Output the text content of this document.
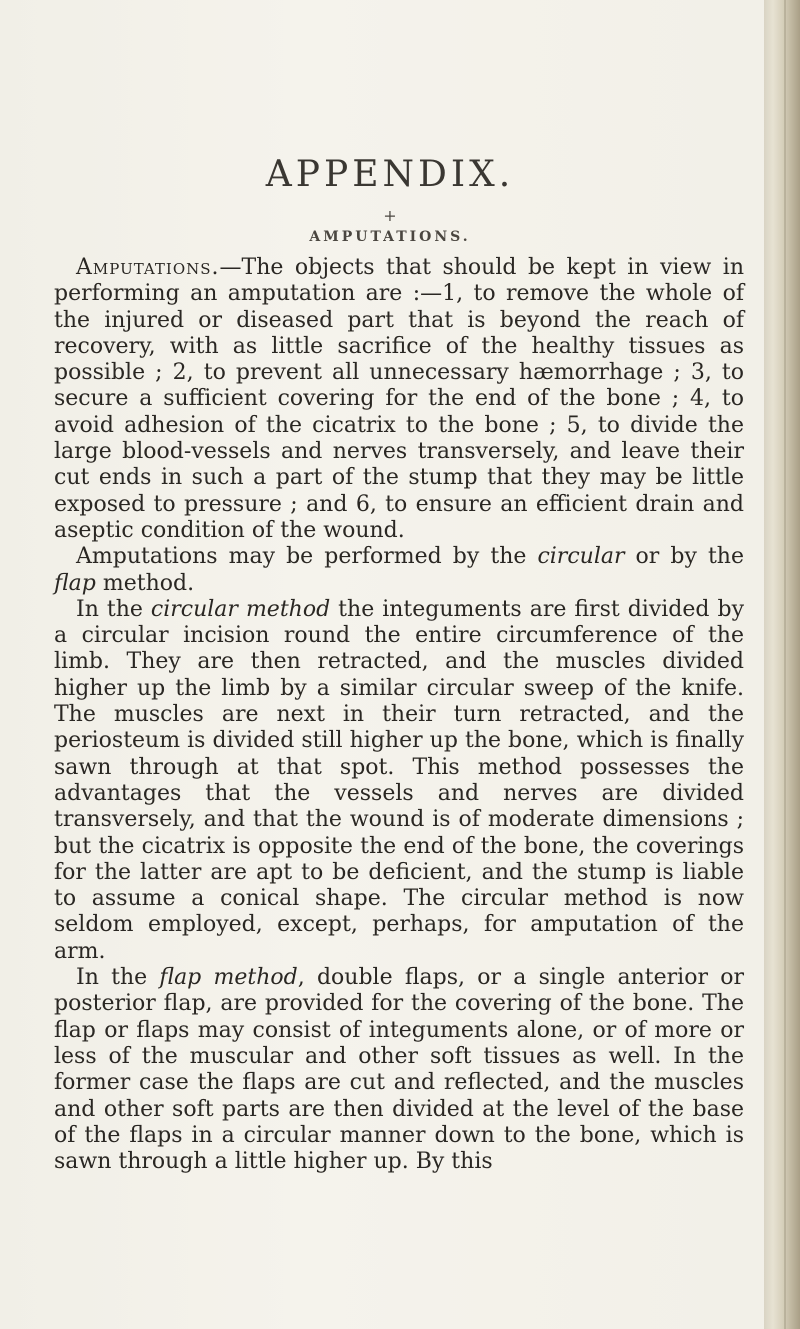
APPENDIX.
+
AMPUTATIONS.

Amputations.—The objects that should be kept in view in performing an amputation are :—1, to remove the whole of the injured or diseased part that is beyond the reach of recovery, with as little sacrifice of the healthy tissues as possible ; 2, to prevent all unnecessary hæmorrhage ; 3, to secure a sufficient covering for the end of the bone ; 4, to avoid adhesion of the cicatrix to the bone ; 5, to divide the large blood-vessels and nerves transversely, and leave their cut ends in such a part of the stump that they may be little exposed to pressure ; and 6, to ensure an efficient drain and aseptic condition of the wound.

Amputations may be performed by the circular or by the flap method.

In the circular method the integuments are first divided by a circular incision round the entire circumference of the limb. They are then retracted, and the muscles divided higher up the limb by a similar circular sweep of the knife. The muscles are next in their turn retracted, and the periosteum is divided still higher up the bone, which is finally sawn through at that spot. This method possesses the advantages that the vessels and nerves are divided transversely, and that the wound is of moderate dimensions ; but the cicatrix is opposite the end of the bone, the coverings for the latter are apt to be deficient, and the stump is liable to assume a conical shape. The circular method is now seldom employed, except, perhaps, for amputation of the arm.

In the flap method, double flaps, or a single anterior or posterior flap, are provided for the covering of the bone. The flap or flaps may consist of integuments alone, or of more or less of the muscular and other soft tissues as well. In the former case the flaps are cut and reflected, and the muscles and other soft parts are then divided at the level of the base of the flaps in a circular manner down to the bone, which is sawn through a little higher up. By this
